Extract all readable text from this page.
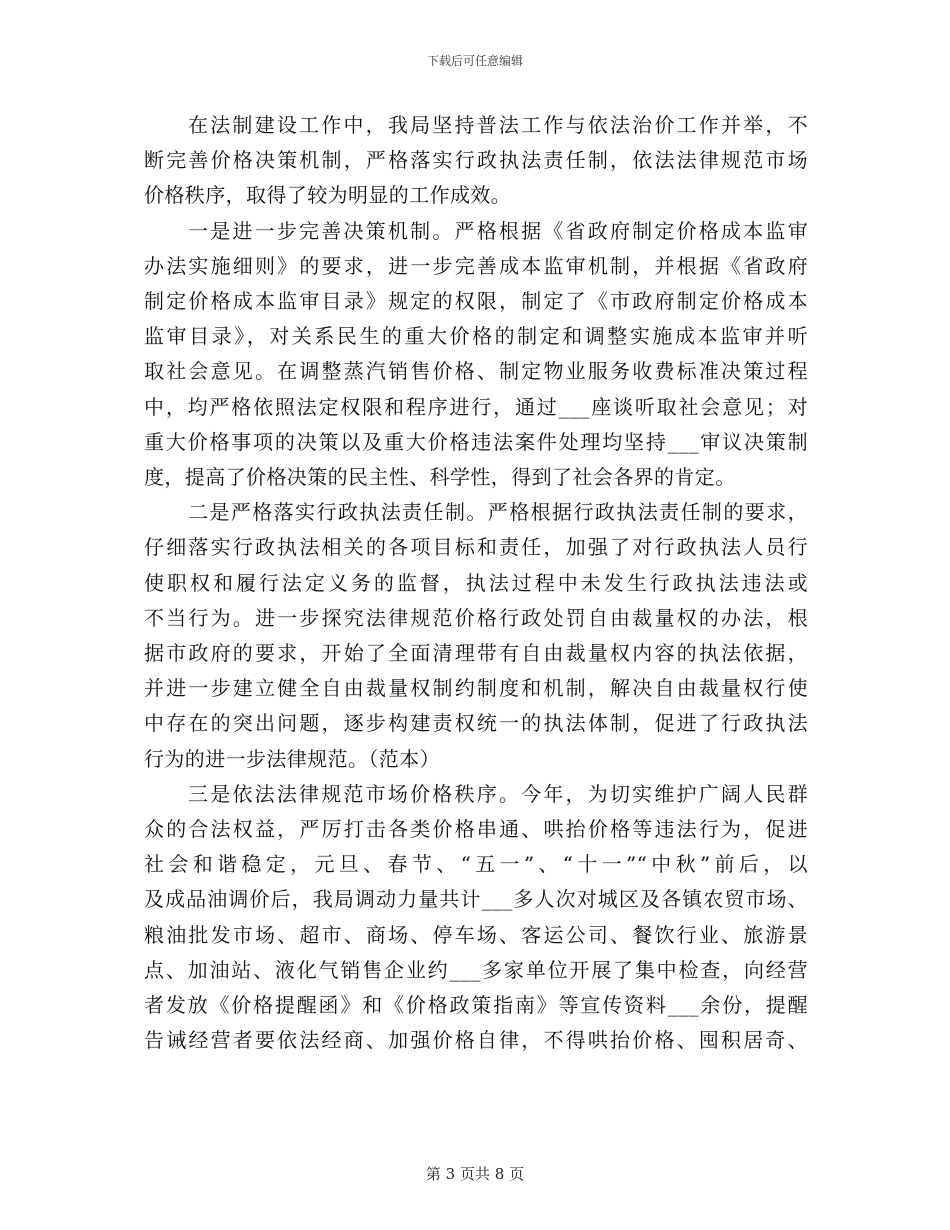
下载后可任意编辑
在法制建设工作中，我局坚持普法工作与依法治价工作并举，不
断完善价格决策机制，严格落实行政执法责任制，依法法律规范市场
价格秩序，取得了较为明显的工作成效。
一是进一步完善决策机制。严格根据《省政府制定价格成本监审
办法实施细则》的要求，进一步完善成本监审机制，并根据《省政府
制定价格成本监审目录》规定的权限，制定了《市政府制定价格成本
监审目录》，对关系民生的重大价格的制定和调整实施成本监审并听
取社会意见。在调整蒸汽销售价格、制定物业服务收费标准决策过程
中，均严格依照法定权限和程序进行，通过___座谈听取社会意见；对
重大价格事项的决策以及重大价格违法案件处理均坚持___审议决策制
度，提高了价格决策的民主性、科学性，得到了社会各界的肯定。
二是严格落实行政执法责任制。严格根据行政执法责任制的要求，
仔细落实行政执法相关的各项目标和责任，加强了对行政执法人员行
使职权和履行法定义务的监督，执法过程中未发生行政执法违法或
不当行为。进一步探究法律规范价格行政处罚自由裁量权的办法，根
据市政府的要求，开始了全面清理带有自由裁量权内容的执法依据，
并进一步建立健全自由裁量权制约制度和机制，解决自由裁量权行使
中存在的突出问题，逐步构建责权统一的执法体制，促进了行政执法
行为的进一步法律规范。（范本）
三是依法法律规范市场价格秩序。今年，为切实维护广阔人民群
众的合法权益，严厉打击各类价格串通、哄抬价格等违法行为，促进
社会和谐稳定，元旦、春节、“五一”、“十一”“中秋”前后，以
及成品油调价后，我局调动力量共计___多人次对城区及各镇农贸市场、
粮油批发市场、超市、商场、停车场、客运公司、餐饮行业、旅游景
点、加油站、液化气销售企业约___多家单位开展了集中检查，向经营
者发放《价格提醒函》和《价格政策指南》等宣传资料___余份，提醒
告诫经营者要依法经商、加强价格自律，不得哄抬价格、囤积居奇、
第 3 页共 8 页
